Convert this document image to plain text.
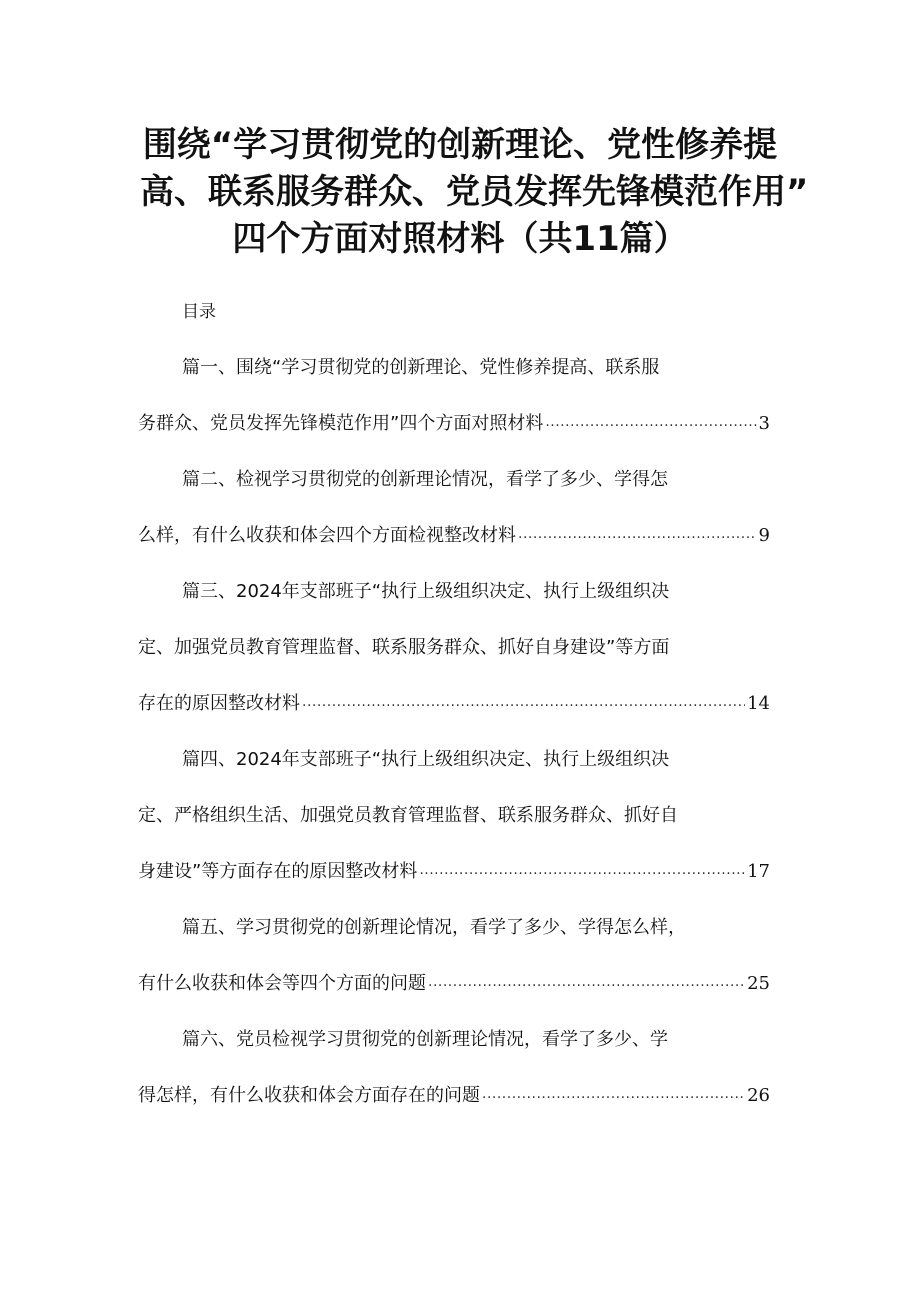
围绕“学习贯彻党的创新理论、党性修养提
高、联系服务群众、党员发挥先锋模范作用”
四个方面对照材料（共11篇）
目录
篇一、围绕“学习贯彻党的创新理论、党性修养提高、联系服
务群众、党员发挥先锋模范作用”四个方面对照材料 .....	3
篇二、检视学习贯彻党的创新理论情况，看学了多少、学得怎
么样，有什么收获和体会四个方面检视整改材料 .....	9
篇三、2024年支部班子“执行上级组织决定、执行上级组织决
定、加强党员教育管理监督、联系服务群众、抓好自身建设”等方面
存在的原因整改材料 .....	14
篇四、2024年支部班子“执行上级组织决定、执行上级组织决
定、严格组织生活、加强党员教育管理监督、联系服务群众、抓好自
身建设”等方面存在的原因整改材料 .....	17
篇五、学习贯彻党的创新理论情况，看学了多少、学得怎么样，
有什么收获和体会等四个方面的问题 .....	25
篇六、党员检视学习贯彻党的创新理论情况，看学了多少、学
得怎样，有什么收获和体会方面存在的问题 .....	26
